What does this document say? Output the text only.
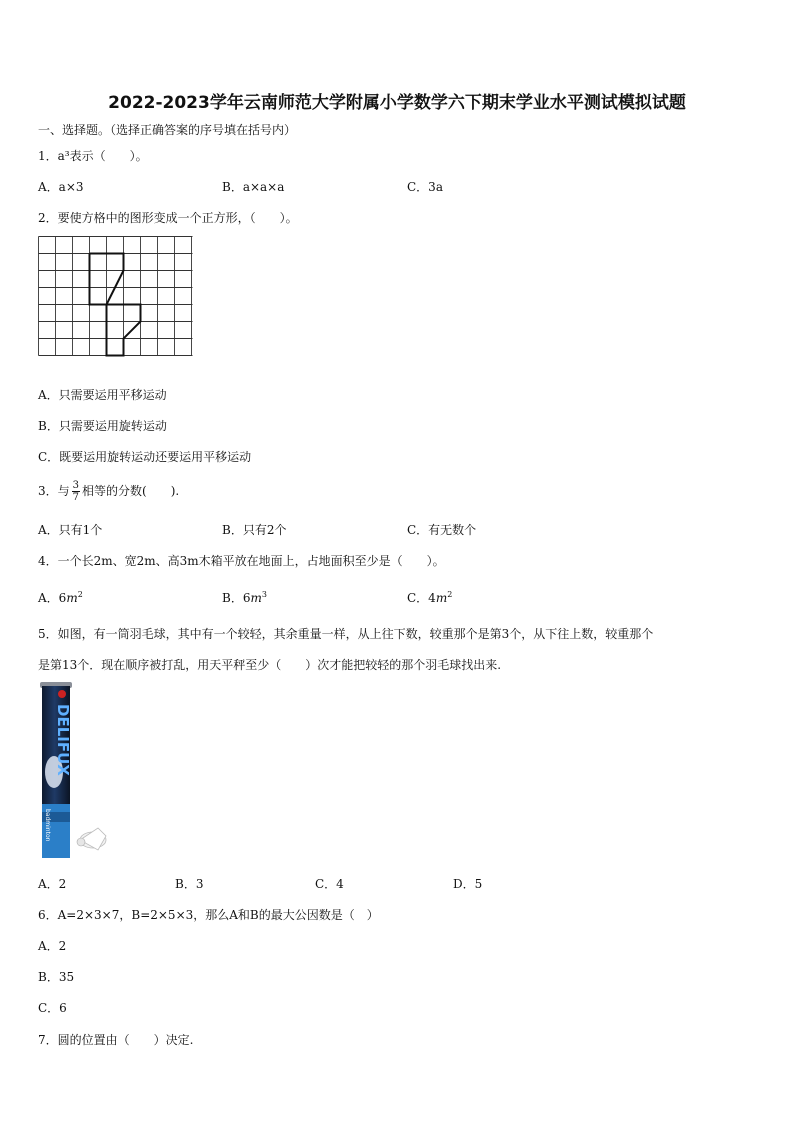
2022-2023学年云南师范大学附属小学数学六下期末学业水平测试模拟试题
一、选择题。（选择正确答案的序号填在括号内）
1．a³表示（　　）。
A．a×3	B．a×a×a	C．3a
2．要使方格中的图形变成一个正方形，（　　）。
A．只需要运用平移运动
B．只需要运用旋转运动
C．既要运用旋转运动还要运用平移运动
3．与 $\frac{3}{7}$ 相等的分数(　　).
A．只有1个	B．只有2个	C．有无数个
4．一个长2m、宽2m、高3m木箱平放在地面上，占地面积至少是（　　）。
A．$6m^2$	B．$6m^3$	C．$4m^2$
5．如图，有一筒羽毛球，其中有一个较轻，其余重量一样，从上往下数，较重那个是第3个，从下往上数，较重那个
是第13个．现在顺序被打乱，用天平秤至少（　　）次才能把较轻的那个羽毛球找出来.
DELIFUX
badminton
A．2	B．3	C．4	D．5
6．A=2×3×7，B=2×5×3，那么A和B的最大公因数是（　）
A．2
B．35
C．6
7．圆的位置由（　　）决定.
